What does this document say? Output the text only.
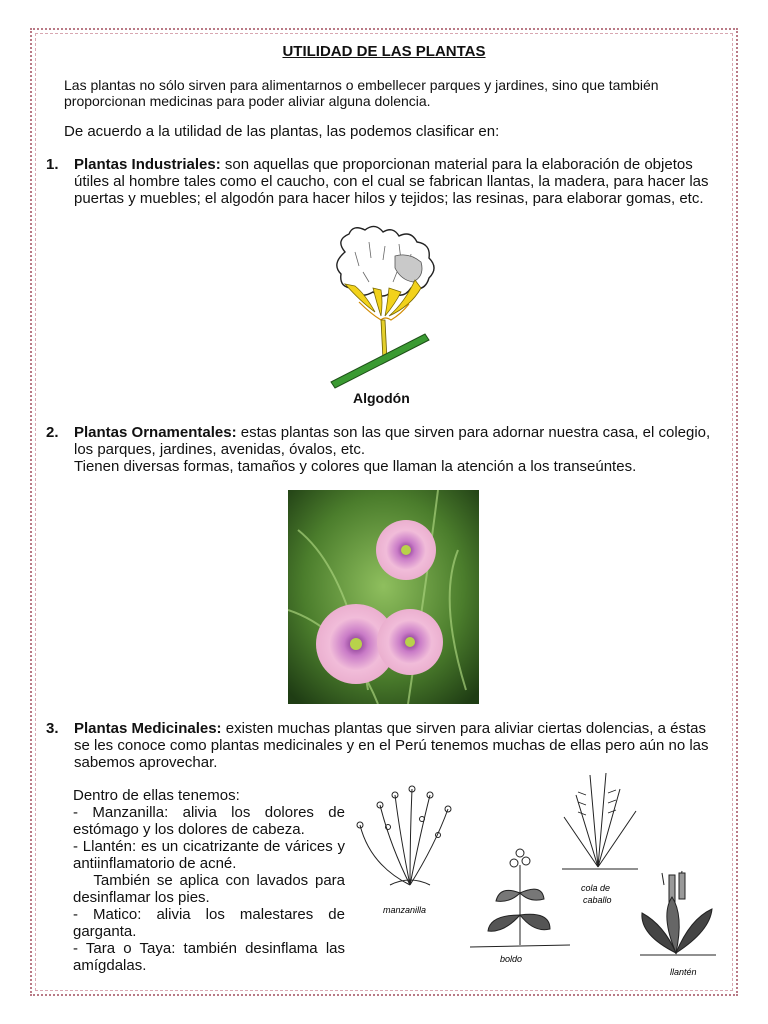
UTILIDAD DE LAS PLANTAS
Las plantas no sólo sirven para alimentarnos o embellecer parques y jardines, sino que también proporcionan medicinas para poder aliviar alguna dolencia.
De acuerdo a la utilidad de las plantas, las podemos clasificar en:
1. Plantas Industriales: son aquellas que proporcionan material para la elaboración de objetos útiles al hombre tales como el caucho, con el cual se fabrican llantas, la madera, para hacer las puertas y muebles; el algodón para hacer hilos y tejidos; las resinas, para elaborar gomas, etc.
Algodón
2. Plantas Ornamentales: estas plantas son las que sirven para adornar nuestra casa, el colegio, los parques, jardines, avenidas, óvalos, etc.
Tienen diversas formas, tamaños y colores que llaman la atención a los transeúntes.
3. Plantas Medicinales: existen muchas plantas que sirven para aliviar ciertas dolencias, a éstas se les conoce como plantas medicinales y en el Perú tenemos muchas de ellas pero aún no las sabemos aprovechar.

Dentro de ellas tenemos:

- Manzanilla: alivia los dolores de estómago y los dolores de cabeza.

- Llantén: es un cicatrizante de várices y antiinflamatorio de acné.

También se aplica con lavados para desinflamar los pies.

- Matico: alivia los malestares de garganta.

- Tara o Taya: también desinflama las amígdalas.

manzanilla
boldo
cola de
caballo
llantén
